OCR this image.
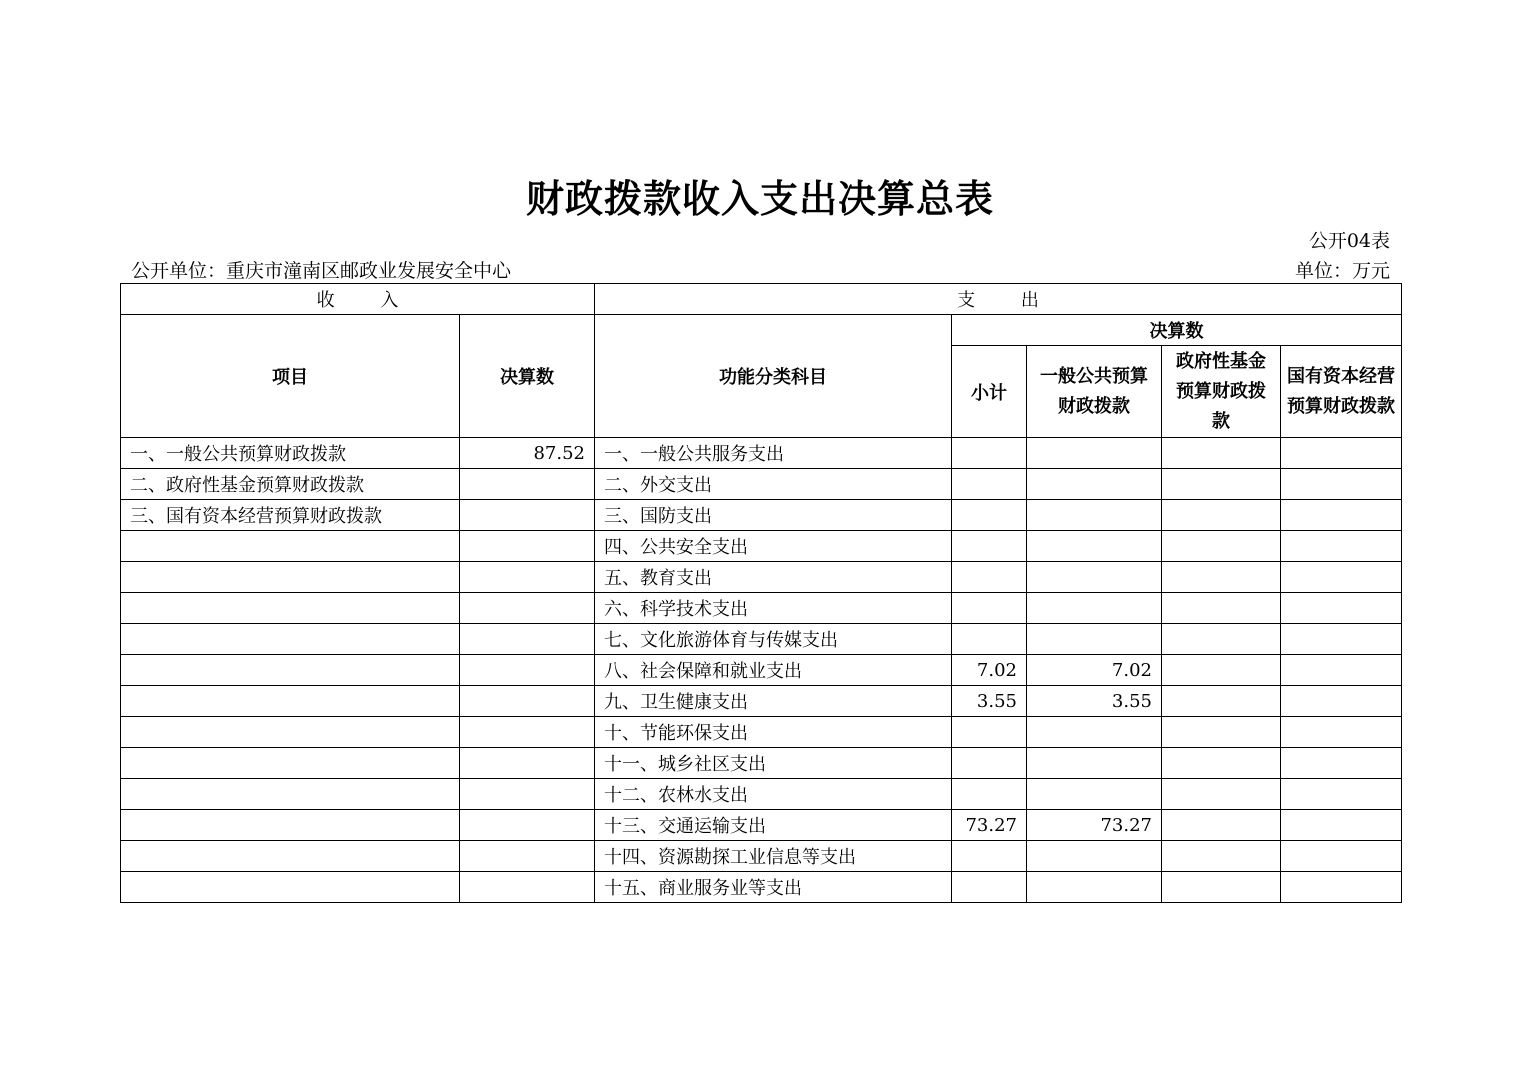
财政拨款收入支出决算总表
公开04表
公开单位：重庆市潼南区邮政业发展安全中心	单位：万元
收        入		支        出				
项目	决算数	功能分类科目	决算数			
			小计	一般公共预算财政拨款	政府性基金预算财政拨款	国有资本经营预算财政拨款
一、一般公共预算财政拨款	87.52	一、一般公共服务支出				
二、政府性基金预算财政拨款		二、外交支出				
三、国有资本经营预算财政拨款		三、国防支出				
		四、公共安全支出				
		五、教育支出				
		六、科学技术支出				
		七、文化旅游体育与传媒支出				
		八、社会保障和就业支出	7.02	7.02		
		九、卫生健康支出	3.55	3.55		
		十、节能环保支出				
		十一、城乡社区支出				
		十二、农林水支出				
		十三、交通运输支出	73.27	73.27		
		十四、资源勘探工业信息等支出				
		十五、商业服务业等支出				
